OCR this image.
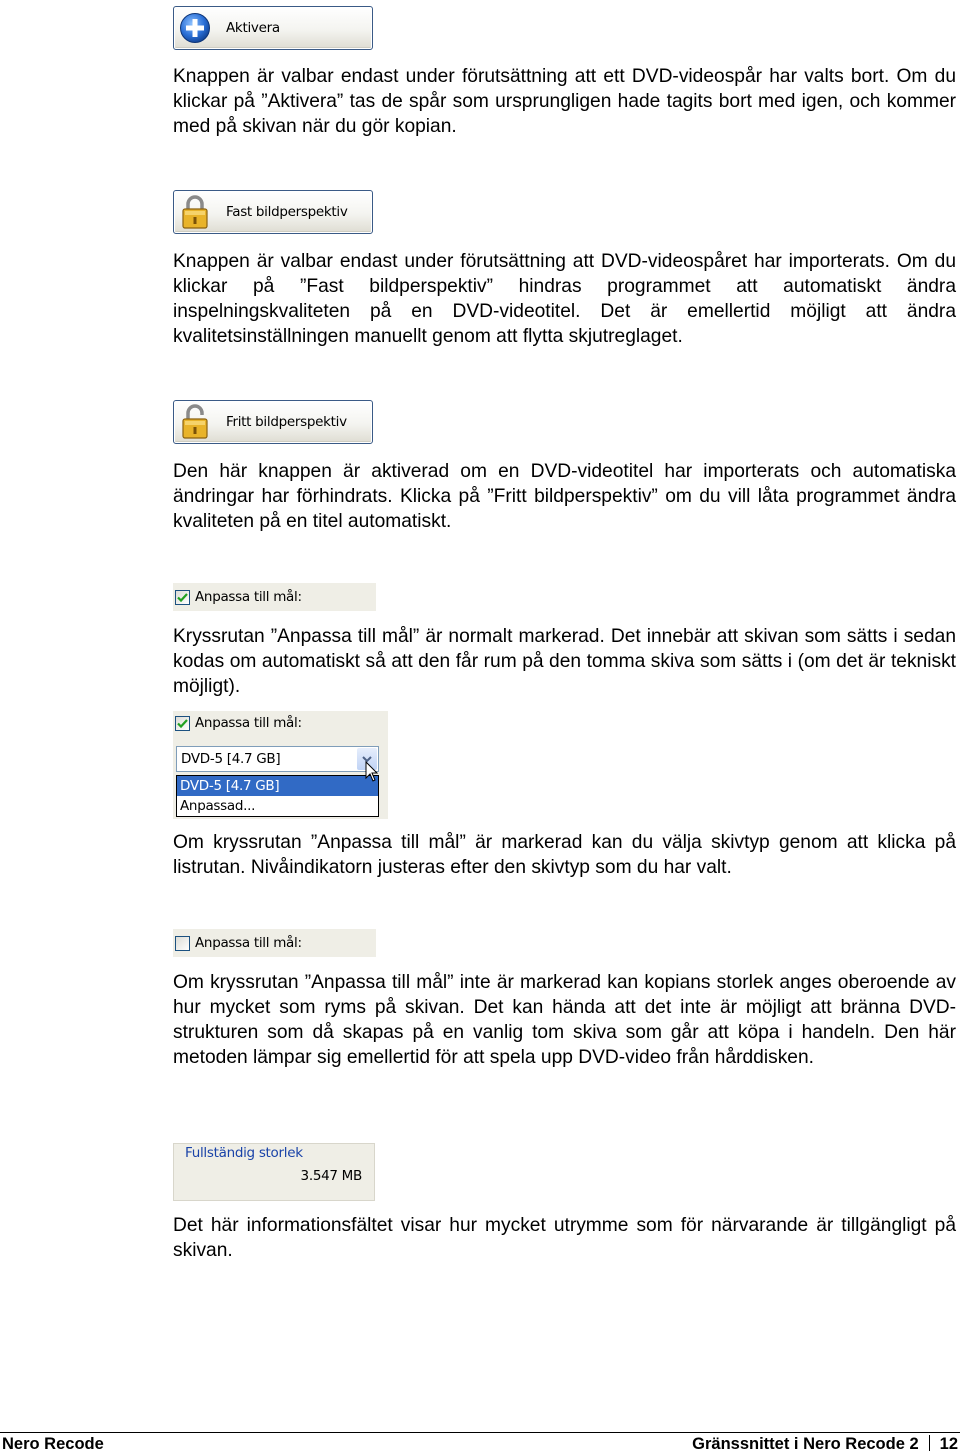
Aktivera

Knappen är valbar endast under förutsättning att ett DVD-videospår har valts bort. Om du klickar på ”Aktivera” tas de spår som ursprungligen hade tagits bort med igen, och kommer med på skivan när du gör kopian.

Fast bildperspektiv

Knappen är valbar endast under förutsättning att DVD-videospåret har importerats. Om du klickar på ”Fast bildperspektiv” hindras programmet att automatiskt ändra inspelningskvaliteten på en DVD-videotitel. Det är emellertid möjligt att ändra kvalitetsinställningen manuellt genom att flytta skjutreglaget.

Fritt bildperspektiv

Den här knappen är aktiverad om en DVD-videotitel har importerats och automatiska ändringar har förhindrats. Klicka på ”Fritt bildperspektiv” om du vill låta programmet ändra kvaliteten på en titel automatiskt.

Anpassa till mål:

Kryssrutan ”Anpassa till mål” är normalt markerad. Det innebär att skivan som sätts i sedan kodas om automatiskt så att den får rum på den tomma skiva som sätts i (om det är tekniskt möjligt).

Anpassa till mål:
DVD-5 [4.7 GB]
DVD-5 [4.7 GB]
Anpassad...

Om kryssrutan ”Anpassa till mål” är markerad kan du välja skivtyp genom att klicka på listrutan. Nivåindikatorn justeras efter den skivtyp som du har valt.

Anpassa till mål:

Om kryssrutan ”Anpassa till mål” inte är markerad kan kopians storlek anges oberoende av hur mycket som ryms på skivan. Det kan hända att det inte är möjligt att bränna DVD-strukturen som då skapas på en vanlig tom skiva som går att köpa i handeln. Den här metoden lämpar sig emellertid för att spela upp DVD-video från hårddisken.

Fullständig storlek
3.547 MB

Det här informationsfältet visar hur mycket utrymme som för närvarande är tillgängligt på skivan.

Nero Recode	Gränssnittet i Nero Recode 2 12
